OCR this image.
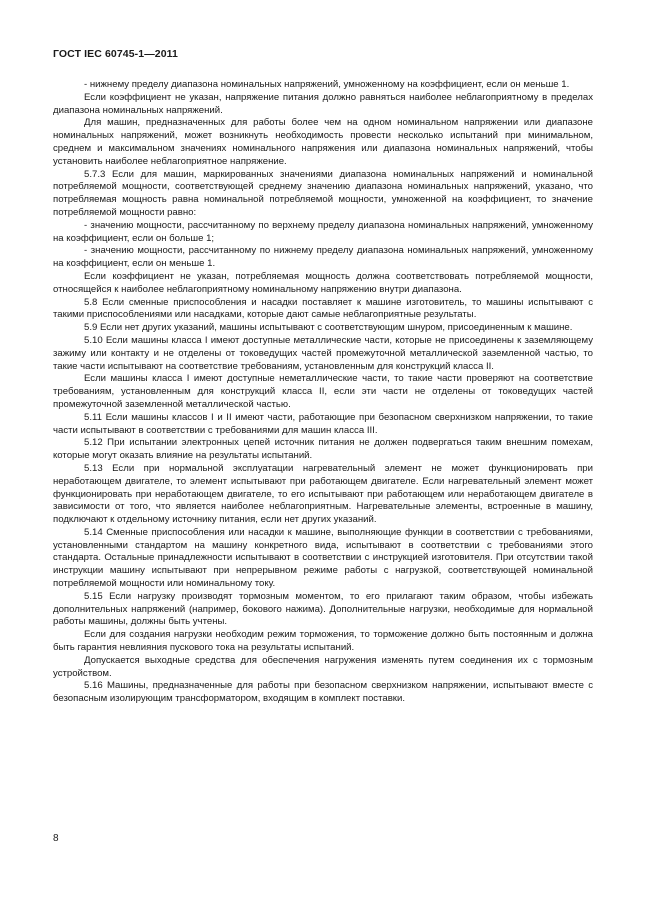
ГОСТ IEC 60745-1—2011

- нижнему пределу диапазона номинальных напряжений, умноженному на коэффициент, если он меньше 1.

Если коэффициент не указан, напряжение питания должно равняться наиболее неблагоприятному в пределах диапазона номинальных напряжений.

Для машин, предназначенных для работы более чем на одном номинальном напряжении или диапазоне номинальных напряжений, может возникнуть необходимость провести несколько испытаний при минимальном, среднем и максимальном значениях номинального напряжения или диапазона номинальных напряжений, чтобы установить наиболее неблагоприятное напряжение.

5.7.3 Если для машин, маркированных значениями диапазона номинальных напряжений и номинальной потребляемой мощности, соответствующей среднему значению диапазона номинальных напряжений, указано, что потребляемая мощность равна номинальной потребляемой мощности, умноженной на коэффициент, то значение потребляемой мощности равно:

- значению мощности, рассчитанному по верхнему пределу диапазона номинальных напряжений, умноженному на коэффициент, если он больше 1;

- значению мощности, рассчитанному по нижнему пределу диапазона номинальных напряжений, умноженному на коэффициент, если он меньше 1.

Если коэффициент не указан, потребляемая мощность должна соответствовать потребляемой мощности, относящейся к наиболее неблагоприятному номинальному напряжению внутри диапазона.

5.8 Если сменные приспособления и насадки поставляет к машине изготовитель, то машины испытывают с такими приспособлениями или насадками, которые дают самые неблагоприятные результаты.

5.9 Если нет других указаний, машины испытывают с соответствующим шнуром, присоединенным к машине.

5.10 Если машины класса I имеют доступные металлические части, которые не присоединены к заземляющему зажиму или контакту и не отделены от токоведущих частей промежуточной металлической заземленной частью, то такие части испытывают на соответствие требованиям, установленным для конструкций класса II.

Если машины класса I имеют доступные неметаллические части, то такие части проверяют на соответствие требованиям, установленным для конструкций класса II, если эти части не отделены от токоведущих частей промежуточной заземленной металлической частью.

5.11 Если машины классов I и II имеют части, работающие при безопасном сверхнизком напряжении, то такие части испытывают в соответствии с требованиями для машин класса III.

5.12 При испытании электронных цепей источник питания не должен подвергаться таким внешним помехам, которые могут оказать влияние на результаты испытаний.

5.13 Если при нормальной эксплуатации нагревательный элемент не может функционировать при неработающем двигателе, то элемент испытывают при работающем двигателе. Если нагревательный элемент может функционировать при неработающем двигателе, то его испытывают при работающем или неработающем двигателе в зависимости от того, что является наиболее неблагоприятным. Нагревательные элементы, встроенные в машину, подключают к отдельному источнику питания, если нет других указаний.

5.14 Сменные приспособления или насадки к машине, выполняющие функции в соответствии с требованиями, установленными стандартом на машину конкретного вида, испытывают в соответствии с требованиями этого стандарта. Остальные принадлежности испытывают в соответствии с инструкцией изготовителя. При отсутствии такой инструкции машину испытывают при непрерывном режиме работы с нагрузкой, соответствующей номинальной потребляемой мощности или номинальному току.

5.15 Если нагрузку производят тормозным моментом, то его прилагают таким образом, чтобы избежать дополнительных напряжений (например, бокового нажима). Дополнительные нагрузки, необходимые для нормальной работы машины, должны быть учтены.

Если для создания нагрузки необходим режим торможения, то торможение должно быть постоянным и должна быть гарантия невлияния пускового тока на результаты испытаний.

Допускается выходные средства для обеспечения нагружения изменять путем соединения их с тормозным устройством.

5.16 Машины, предназначенные для работы при безопасном сверхнизком напряжении, испытывают вместе с безопасным изолирующим трансформатором, входящим в комплект поставки.

8
